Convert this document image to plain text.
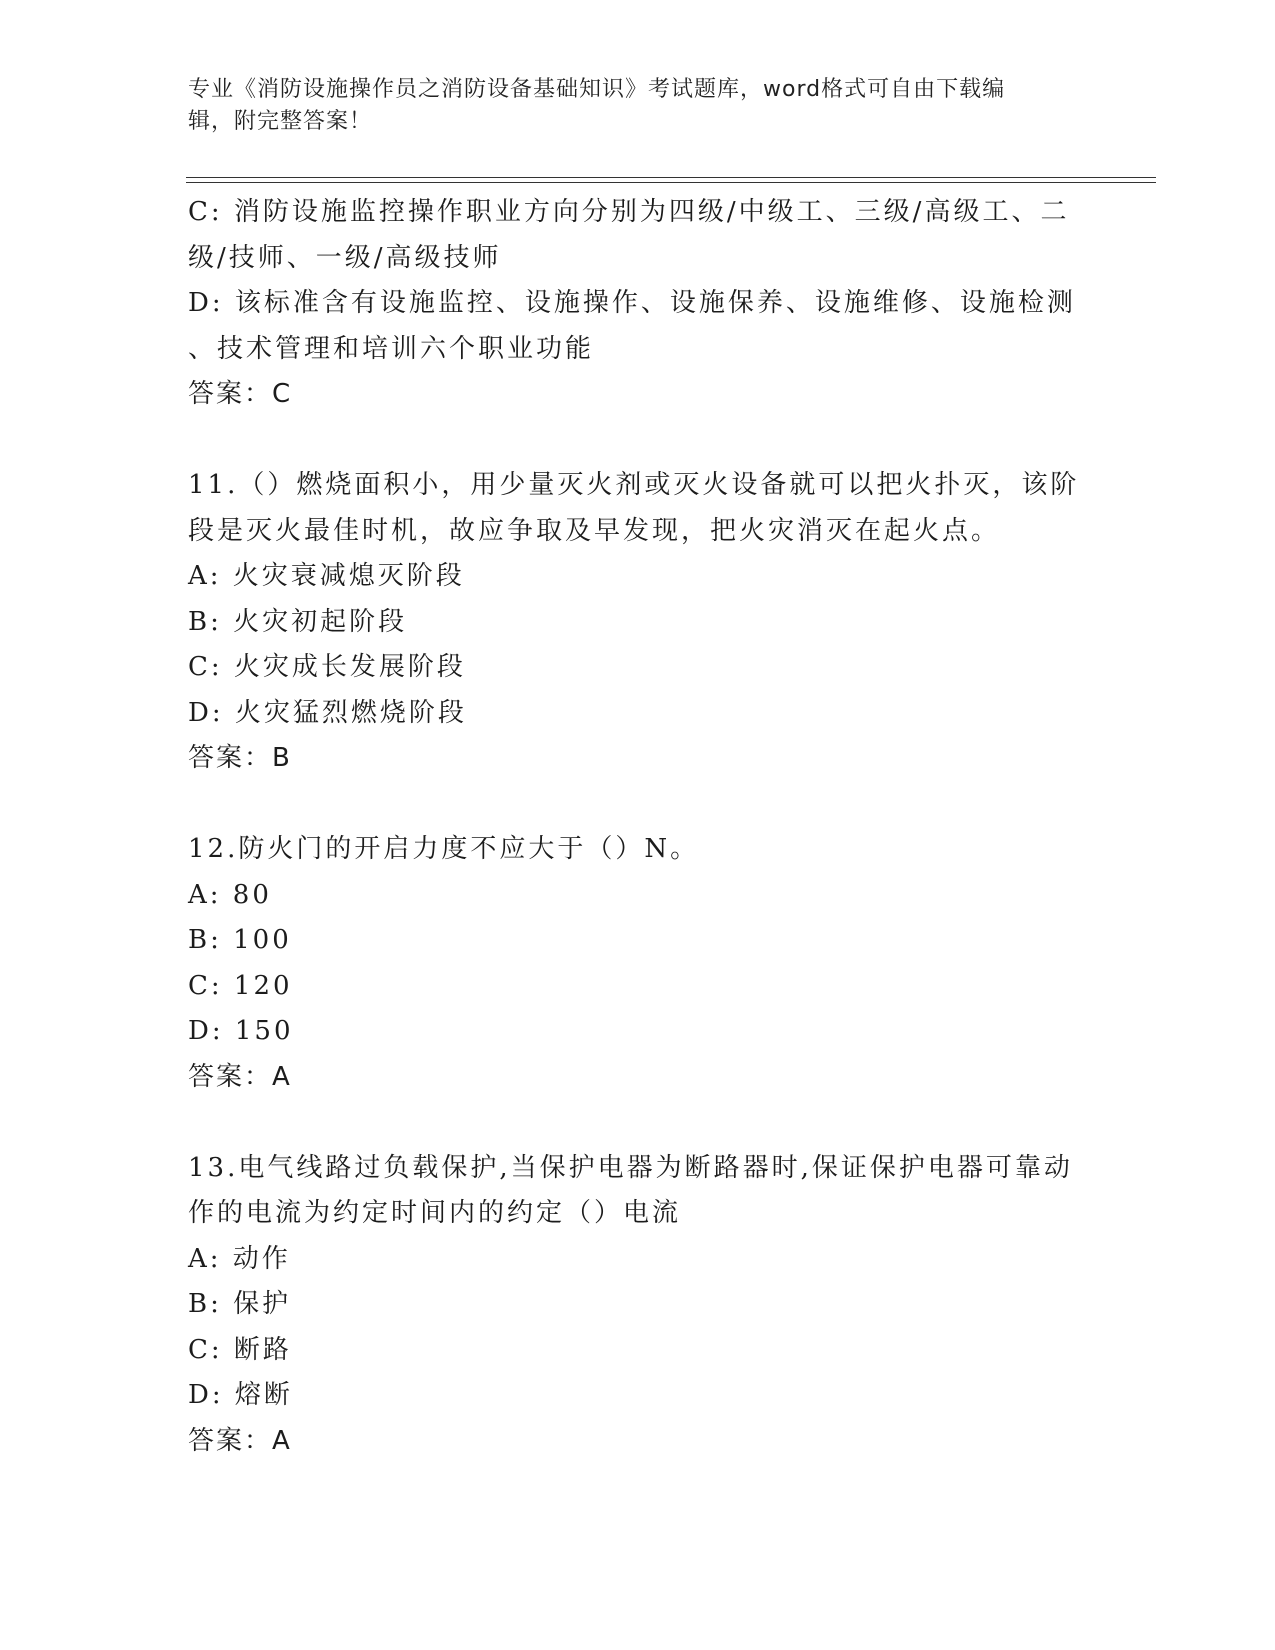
专业《消防设施操作员之消防设备基础知识》考试题库，word格式可自由下载编
辑，附完整答案！
C: 消防设施监控操作职业方向分别为四级/中级工、三级/高级工、二
级/技师、一级/高级技师
D: 该标准含有设施监控、设施操作、设施保养、设施维修、设施检测
、技术管理和培训六个职业功能
答案：C
11.（）燃烧面积小，用少量灭火剂或灭火设备就可以把火扑灭，该阶
段是灭火最佳时机，故应争取及早发现，把火灾消灭在起火点。
A: 火灾衰减熄灭阶段
B: 火灾初起阶段
C: 火灾成长发展阶段
D: 火灾猛烈燃烧阶段
答案：B
12.防火门的开启力度不应大于（）N。
A: 80
B: 100
C: 120
D: 150
答案：A
13.电气线路过负载保护,当保护电器为断路器时,保证保护电器可靠动
作的电流为约定时间内的约定（）电流
A: 动作
B: 保护
C: 断路
D: 熔断
答案：A
